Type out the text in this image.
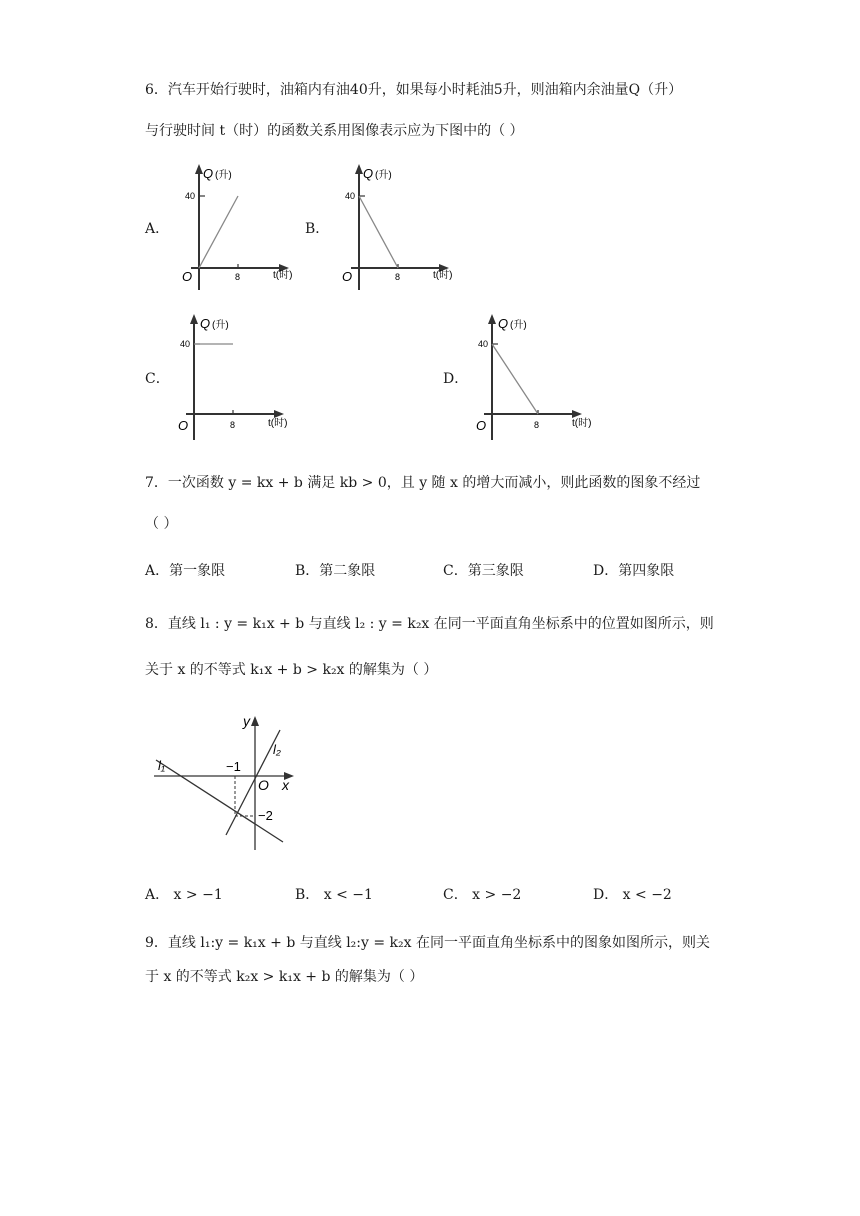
6．汽车开始行驶时，油箱内有油40升，如果每小时耗油5升，则油箱内余油量Q（升）
与行驶时间 t（时）的函数关系用图像表示应为下图中的（ ）
A．
Q (升)
40
O	8	t(时)
B．
Q (升)
40
O	8	t(时)
C．
Q (升)
40
O	8	t(时)
D．
Q (升)
40
O	8	t(时)
7．一次函数 y = kx + b 满足 kb > 0，且 y 随 x 的增大而减小，则此函数的图象不经过
（ ）
A．第一象限	B．第二象限	C．第三象限	D．第四象限
8．直线 l₁ : y = k₁x + b 与直线 l₂ : y = k₂x 在同一平面直角坐标系中的位置如图所示，则
关于 x 的不等式 k₁x + b > k₂x 的解集为（ ）
y
l₂
l₁	−1
O x
−2
A． x > −1	B． x < −1	C． x > −2	D． x < −2
9．直线 l₁:y = k₁x + b 与直线 l₂:y = k₂x 在同一平面直角坐标系中的图象如图所示，则关
于 x 的不等式 k₂x > k₁x + b 的解集为（ ）
